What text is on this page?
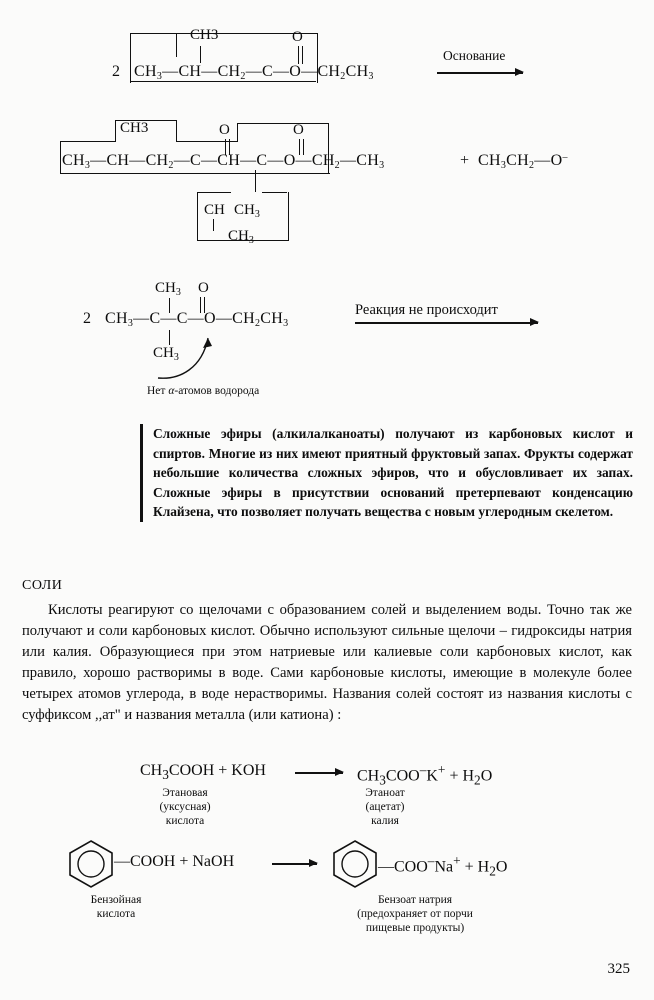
CH3	O
2 $CH_3—CH—CH_2—C—O—CH_2CH_3$
Основание
CH3	O	O
$CH_3—CH—CH_2—C—CH—C—O—CH_2—CH_3$
CH $CH_3$
$CH_3$
+ $CH_3CH_2—O^-$
$CH_3$ O
2 $CH_3—C—C—O—CH_2CH_3$
$CH_3$
Нет α-атомов водорода
Реакция не происходит
Сложные эфиры (алкилалканоаты) получают из карбоновых кислот и спиртов. Многие из них имеют приятный фруктовый запах. Фрукты содержат небольшие количества сложных эфиров, что и обусловливает их запах. Сложные эфиры в присутствии оснований претерпевают конденсацию Клайзена, что позволяет получать вещества с новым углеродным скелетом.
СОЛИ
Кислоты реагируют со щелочами с образованием солей и выделением воды. Точно так же получают и соли карбоновых кислот. Обычно используют сильные щелочи – гидроксиды натрия или калия. Образующиеся при этом натриевые или калиевые соли карбоновых кислот, как правило, хорошо растворимы в воде. Сами карбоновые кислоты, имеющие в молекуле более четырех атомов углерода, в воде нерастворимы. Названия солей состоят из названия кислоты с суффиксом ,,ат" и названия металла (или катиона) :
$CH_3COOH$ + KOH	$CH_3COO^-K^+ + H_2O$
Этановая
(уксусная)
кислота
Этаноат
(ацетат)
калия
—COOH + NaOH	—COO–Na+ + $H_2O$
Бензойная
кислота
Бензоат натрия
(предохраняет от порчи
пищевые продукты)
325
